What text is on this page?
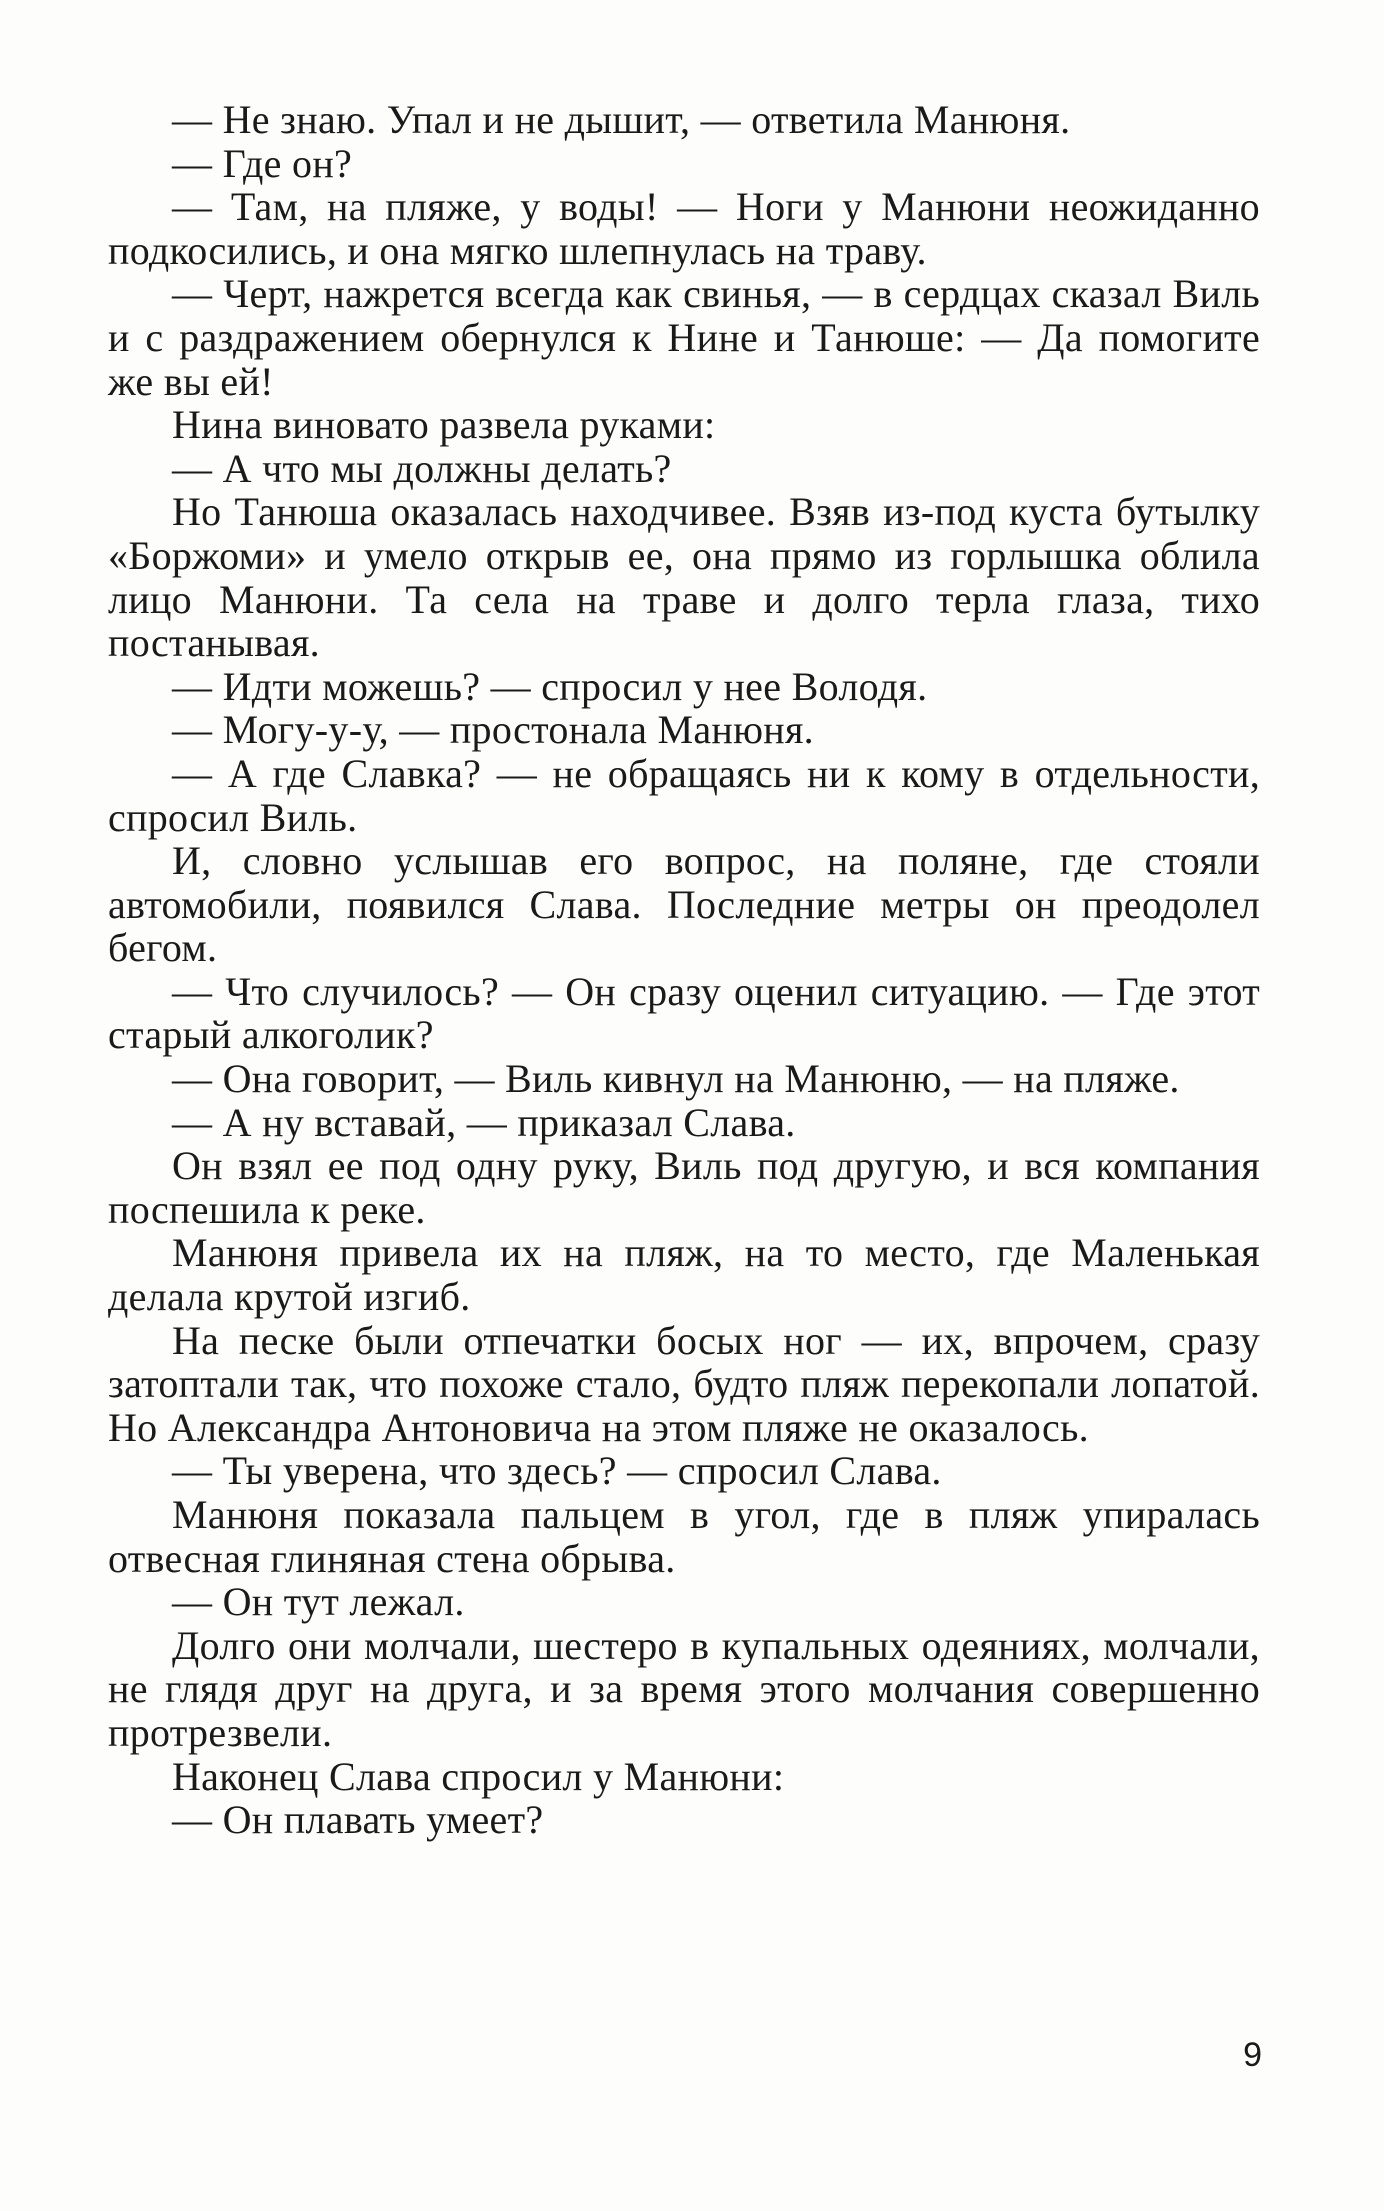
— Не знаю. Упал и не дышит, — ответила Манюня.

— Где он?

— Там, на пляже, у воды! — Ноги у Манюни неожиданно подкосились, и она мягко шлепнулась на траву.

— Черт, нажрется всегда как свинья, — в сердцах сказал Виль и с раздражением обернулся к Нине и Танюше: — Да помогите же вы ей!

Нина виновато развела руками:

— А что мы должны делать?

Но Танюша оказалась находчивее. Взяв из-под куста бутылку «Боржоми» и умело открыв ее, она прямо из горлышка облила лицо Манюни. Та села на траве и долго терла глаза, тихо постанывая.

— Идти можешь? — спросил у нее Володя.

— Могу-у-у, — простонала Манюня.

— А где Славка? — не обращаясь ни к кому в отдельности, спросил Виль.

И, словно услышав его вопрос, на поляне, где стояли автомобили, появился Слава. Последние метры он преодолел бегом.

— Что случилось? — Он сразу оценил ситуацию. — Где этот старый алкоголик?

— Она говорит, — Виль кивнул на Манюню, — на пляже.

— А ну вставай, — приказал Слава.

Он взял ее под одну руку, Виль под другую, и вся компания поспешила к реке.

Манюня привела их на пляж, на то место, где Маленькая делала крутой изгиб.

На песке были отпечатки босых ног — их, впрочем, сразу затоптали так, что похоже стало, будто пляж перекопали лопатой. Но Александра Антоновича на этом пляже не оказалось.

— Ты уверена, что здесь? — спросил Слава.

Манюня показала пальцем в угол, где в пляж упиралась отвесная глиняная стена обрыва.

— Он тут лежал.

Долго они молчали, шестеро в купальных одеяниях, молчали, не глядя друг на друга, и за время этого молчания совершенно протрезвели.

Наконец Слава спросил у Манюни:

— Он плавать умеет?

9
